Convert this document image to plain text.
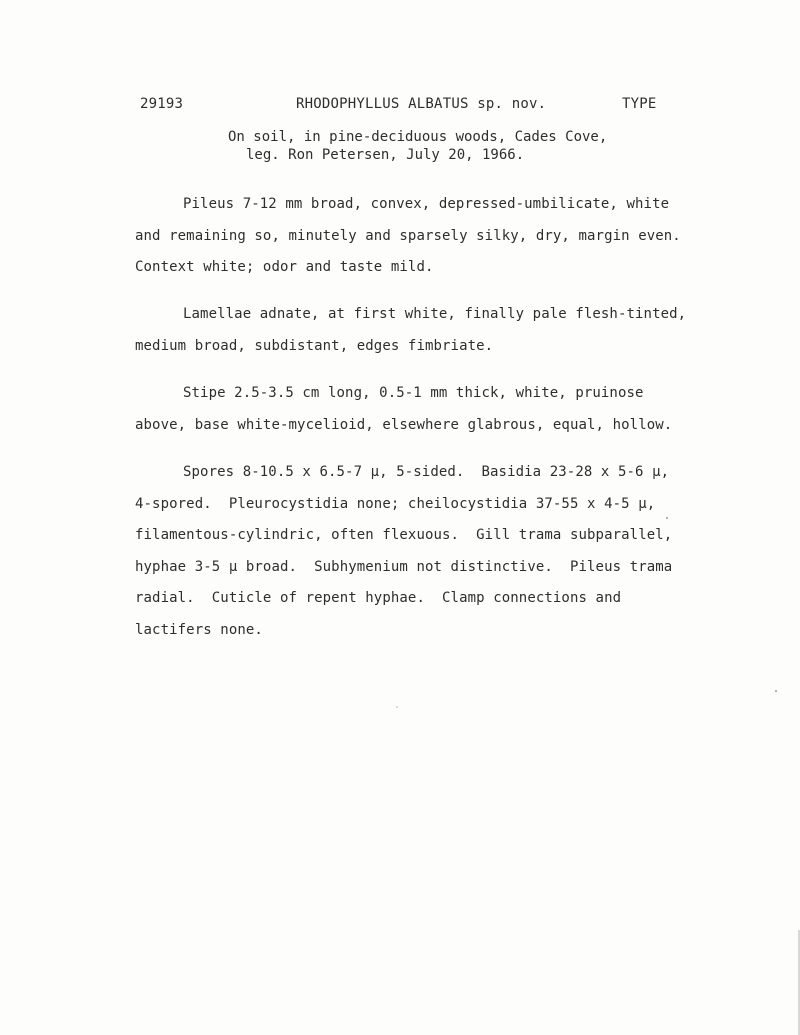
29193	RHODOPHYLLUS ALBATUS sp. nov.	TYPE
On soil, in pine-deciduous woods, Cades Cove,
leg. Ron Petersen, July 20, 1966.
Pileus 7-12 mm broad, convex, depressed-umbilicate, white
and remaining so, minutely and sparsely silky, dry, margin even.
Context white; odor and taste mild.
Lamellae adnate, at first white, finally pale flesh-tinted,
medium broad, subdistant, edges fimbriate.
Stipe 2.5-3.5 cm long, 0.5-1 mm thick, white, pruinose
above, base white-mycelioid, elsewhere glabrous, equal, hollow.
Spores 8-10.5 x 6.5-7 μ, 5-sided.  Basidia 23-28 x 5-6 μ,
4-spored.  Pleurocystidia none; cheilocystidia 37-55 x 4-5 μ,
filamentous-cylindric, often flexuous.  Gill trama subparallel,
hyphae 3-5 μ broad.  Subhymenium not distinctive.  Pileus trama
radial.  Cuticle of repent hyphae.  Clamp connections and
lactifers none.
